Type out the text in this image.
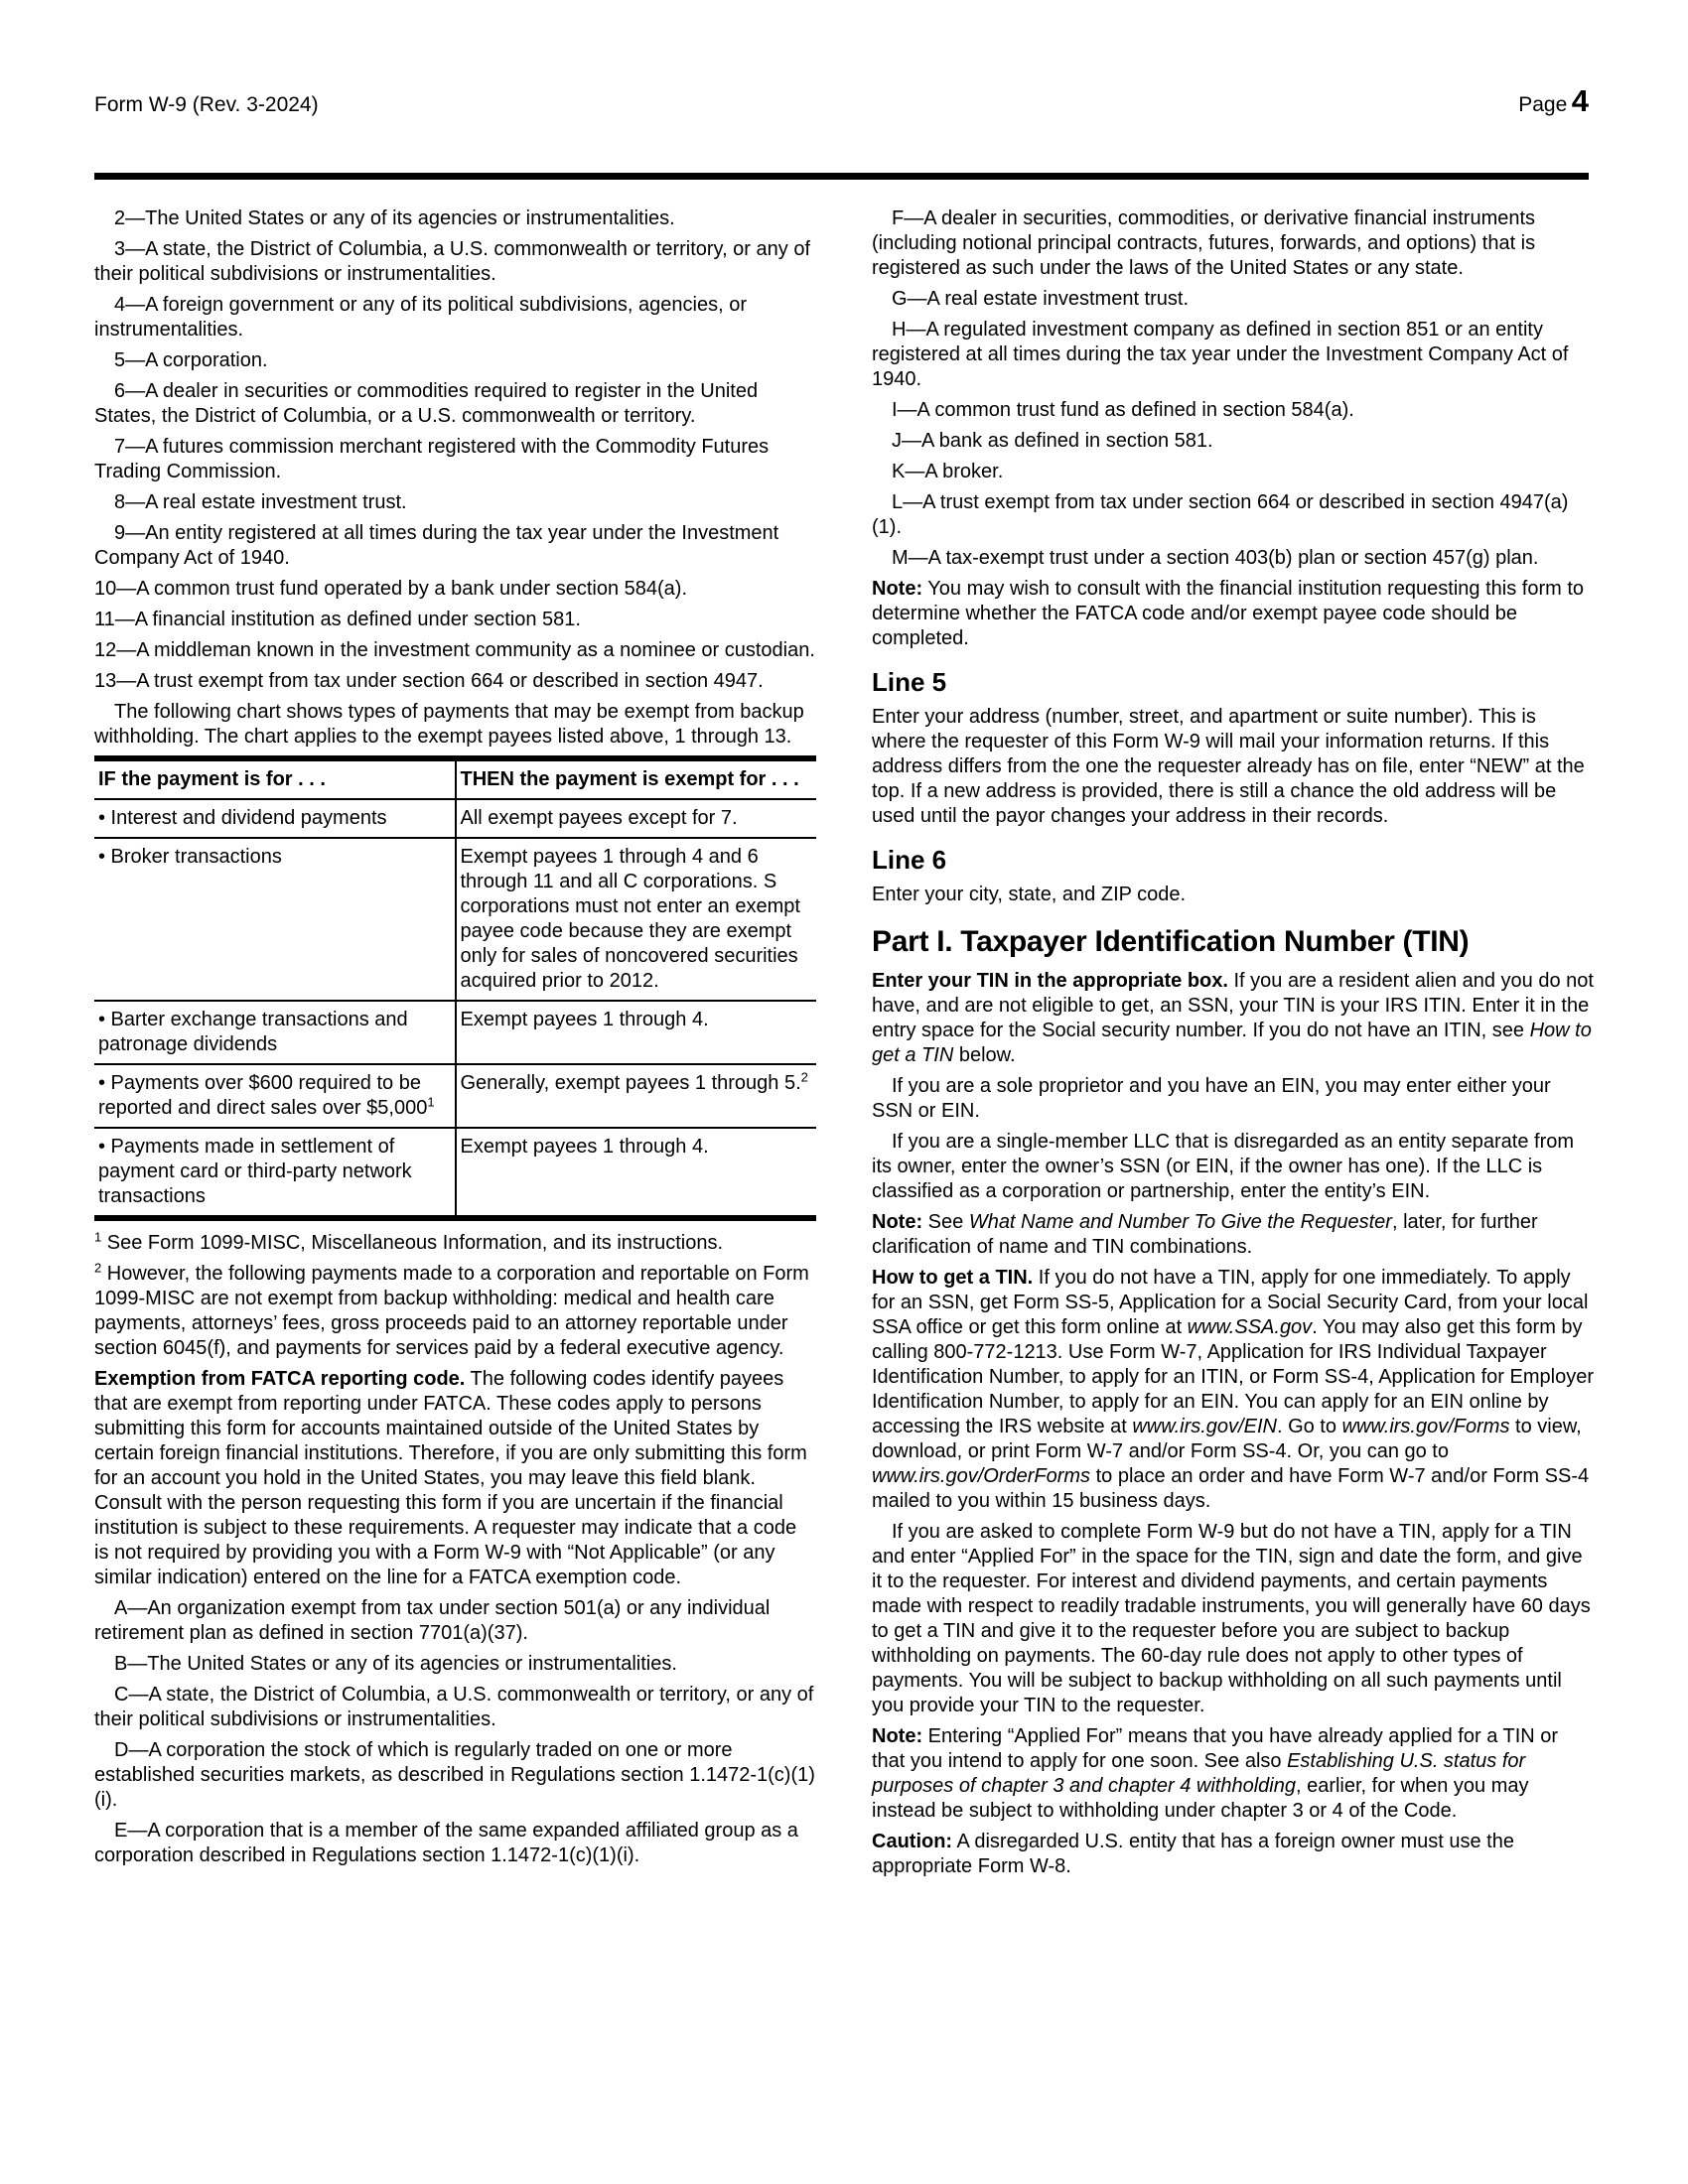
Form W-9 (Rev. 3-2024)	Page 4

2—The United States or any of its agencies or instrumentalities.

3—A state, the District of Columbia, a U.S. commonwealth or territory, or any of their political subdivisions or instrumentalities.

4—A foreign government or any of its political subdivisions, agencies, or instrumentalities.

5—A corporation.

6—A dealer in securities or commodities required to register in the United States, the District of Columbia, or a U.S. commonwealth or territory.

7—A futures commission merchant registered with the Commodity Futures Trading Commission.

8—A real estate investment trust.

9—An entity registered at all times during the tax year under the Investment Company Act of 1940.

10—A common trust fund operated by a bank under section 584(a).

11—A financial institution as defined under section 581.

12—A middleman known in the investment community as a nominee or custodian.

13—A trust exempt from tax under section 664 or described in section 4947.

The following chart shows types of payments that may be exempt from backup withholding. The chart applies to the exempt payees listed above, 1 through 13.

IF the payment is for . . .	THEN the payment is exempt for . . .
• Interest and dividend payments	All exempt payees except for 7.
• Broker transactions	Exempt payees 1 through 4 and 6 through 11 and all C corporations. S corporations must not enter an exempt payee code because they are exempt only for sales of noncovered securities acquired prior to 2012.
• Barter exchange transactions and patronage dividends	Exempt payees 1 through 4.
• Payments over $600 required to be reported and direct sales over $5,000$^1$	Generally, exempt payees 1 through 5.$^2$
• Payments made in settlement of payment card or third-party network transactions	Exempt payees 1 through 4.

$^1$ See Form 1099-MISC, Miscellaneous Information, and its instructions.

$^2$ However, the following payments made to a corporation and reportable on Form 1099-MISC are not exempt from backup withholding: medical and health care payments, attorneys’ fees, gross proceeds paid to an attorney reportable under section 6045(f), and payments for services paid by a federal executive agency.

Exemption from FATCA reporting code. The following codes identify payees that are exempt from reporting under FATCA. These codes apply to persons submitting this form for accounts maintained outside of the United States by certain foreign financial institutions. Therefore, if you are only submitting this form for an account you hold in the United States, you may leave this field blank. Consult with the person requesting this form if you are uncertain if the financial institution is subject to these requirements. A requester may indicate that a code is not required by providing you with a Form W-9 with “Not Applicable” (or any similar indication) entered on the line for a FATCA exemption code.

A—An organization exempt from tax under section 501(a) or any individual retirement plan as defined in section 7701(a)(37).

B—The United States or any of its agencies or instrumentalities.

C—A state, the District of Columbia, a U.S. commonwealth or territory, or any of their political subdivisions or instrumentalities.

D—A corporation the stock of which is regularly traded on one or more established securities markets, as described in Regulations section 1.1472-1(c)(1)(i).

E—A corporation that is a member of the same expanded affiliated group as a corporation described in Regulations section 1.1472-1(c)(1)(i).

F—A dealer in securities, commodities, or derivative financial instruments (including notional principal contracts, futures, forwards, and options) that is registered as such under the laws of the United States or any state.

G—A real estate investment trust.

H—A regulated investment company as defined in section 851 or an entity registered at all times during the tax year under the Investment Company Act of 1940.

I—A common trust fund as defined in section 584(a).

J—A bank as defined in section 581.

K—A broker.

L—A trust exempt from tax under section 664 or described in section 4947(a)(1).

M—A tax-exempt trust under a section 403(b) plan or section 457(g) plan.

Note: You may wish to consult with the financial institution requesting this form to determine whether the FATCA code and/or exempt payee code should be completed.

Line 5

Enter your address (number, street, and apartment or suite number). This is where the requester of this Form W-9 will mail your information returns. If this address differs from the one the requester already has on file, enter “NEW” at the top. If a new address is provided, there is still a chance the old address will be used until the payor changes your address in their records.

Line 6

Enter your city, state, and ZIP code.

Part I. Taxpayer Identification Number (TIN)

Enter your TIN in the appropriate box. If you are a resident alien and you do not have, and are not eligible to get, an SSN, your TIN is your IRS ITIN. Enter it in the entry space for the Social security number. If you do not have an ITIN, see How to get a TIN below.

If you are a sole proprietor and you have an EIN, you may enter either your SSN or EIN.

If you are a single-member LLC that is disregarded as an entity separate from its owner, enter the owner’s SSN (or EIN, if the owner has one). If the LLC is classified as a corporation or partnership, enter the entity’s EIN.

Note: See What Name and Number To Give the Requester, later, for further clarification of name and TIN combinations.

How to get a TIN. If you do not have a TIN, apply for one immediately. To apply for an SSN, get Form SS-5, Application for a Social Security Card, from your local SSA office or get this form online at www.SSA.gov. You may also get this form by calling 800-772-1213. Use Form W-7, Application for IRS Individual Taxpayer Identification Number, to apply for an ITIN, or Form SS-4, Application for Employer Identification Number, to apply for an EIN. You can apply for an EIN online by accessing the IRS website at www.irs.gov/EIN. Go to www.irs.gov/Forms to view, download, or print Form W-7 and/or Form SS-4. Or, you can go to www.irs.gov/OrderForms to place an order and have Form W-7 and/or Form SS-4 mailed to you within 15 business days.

If you are asked to complete Form W-9 but do not have a TIN, apply for a TIN and enter “Applied For” in the space for the TIN, sign and date the form, and give it to the requester. For interest and dividend payments, and certain payments made with respect to readily tradable instruments, you will generally have 60 days to get a TIN and give it to the requester before you are subject to backup withholding on payments. The 60-day rule does not apply to other types of payments. You will be subject to backup withholding on all such payments until you provide your TIN to the requester.

Note: Entering “Applied For” means that you have already applied for a TIN or that you intend to apply for one soon. See also Establishing U.S. status for purposes of chapter 3 and chapter 4 withholding, earlier, for when you may instead be subject to withholding under chapter 3 or 4 of the Code.

Caution: A disregarded U.S. entity that has a foreign owner must use the appropriate Form W-8.
